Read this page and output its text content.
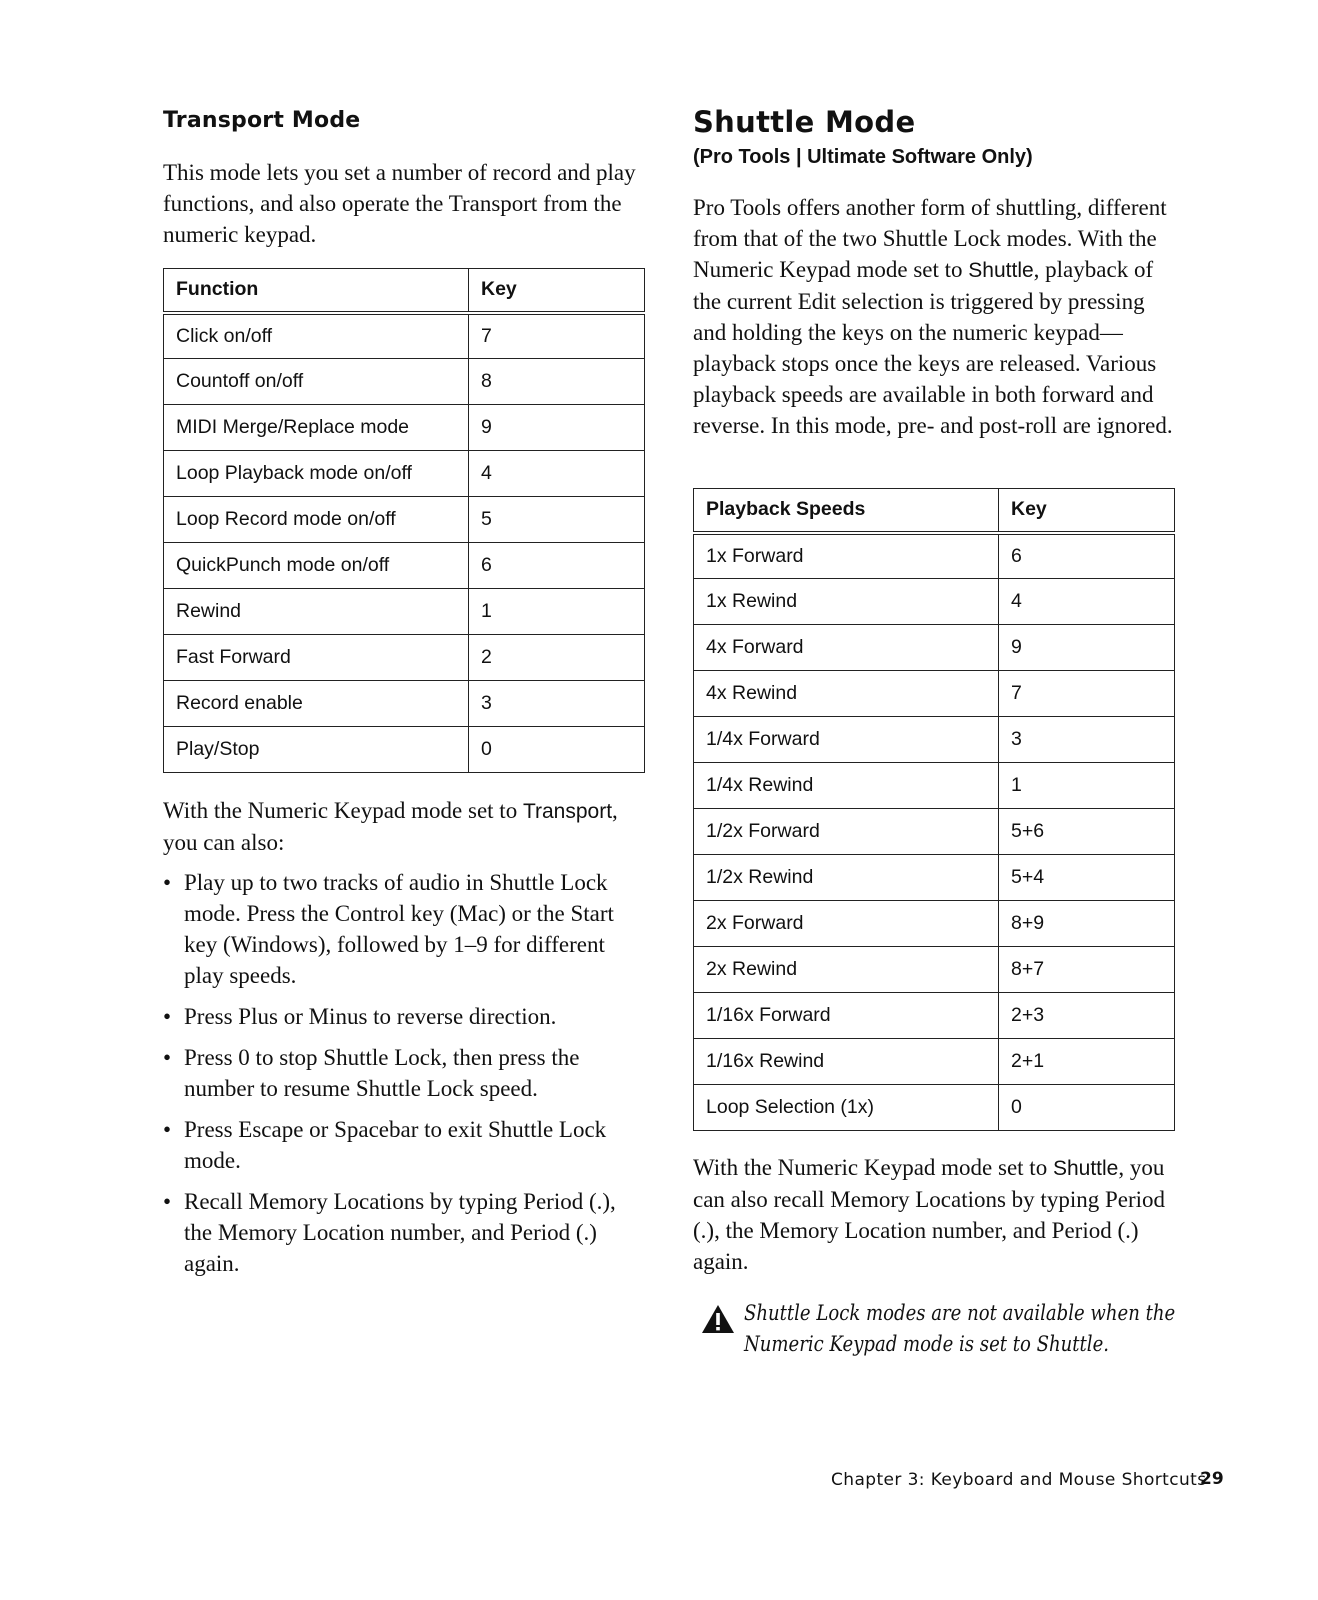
Transport Mode

This mode lets you set a number of record and play functions, and also operate the Transport from the numeric keypad.

Function	Key
Click on/off	7
Countoff on/off	8
MIDI Merge/Replace mode	9
Loop Playback mode on/off	4
Loop Record mode on/off	5
QuickPunch mode on/off	6
Rewind	1
Fast Forward	2
Record enable	3
Play/Stop	0

With the Numeric Keypad mode set to Transport, you can also:

• Play up to two tracks of audio in Shuttle Lock mode. Press the Control key (Mac) or the Start key (Windows), followed by 1–9 for different play speeds.
• Press Plus or Minus to reverse direction.
• Press 0 to stop Shuttle Lock, then press the number to resume Shuttle Lock speed.
• Press Escape or Spacebar to exit Shuttle Lock mode.
• Recall Memory Locations by typing Period (.), the Memory Location number, and Period (.) again.
Shuttle Mode
(Pro Tools | Ultimate Software Only)

Pro Tools offers another form of shuttling, different from that of the two Shuttle Lock modes. With the Numeric Keypad mode set to Shuttle, playback of the current Edit selection is triggered by pressing and holding the keys on the numeric keypad—playback stops once the keys are released. Various playback speeds are available in both forward and reverse. In this mode, pre- and post-roll are ignored.

Playback Speeds	Key
1x Forward	6
1x Rewind	4
4x Forward	9
4x Rewind	7
1/4x Forward	3
1/4x Rewind	1
1/2x Forward	5+6
1/2x Rewind	5+4
2x Forward	8+9
2x Rewind	8+7
1/16x Forward	2+3
1/16x Rewind	2+1
Loop Selection (1x)	0

With the Numeric Keypad mode set to Shuttle, you can also recall Memory Locations by typing Period (.), the Memory Location number, and Period (.) again.

Shuttle Lock modes are not available when the Numeric Keypad mode is set to Shuttle.
Chapter 3: Keyboard and Mouse Shortcuts
29
